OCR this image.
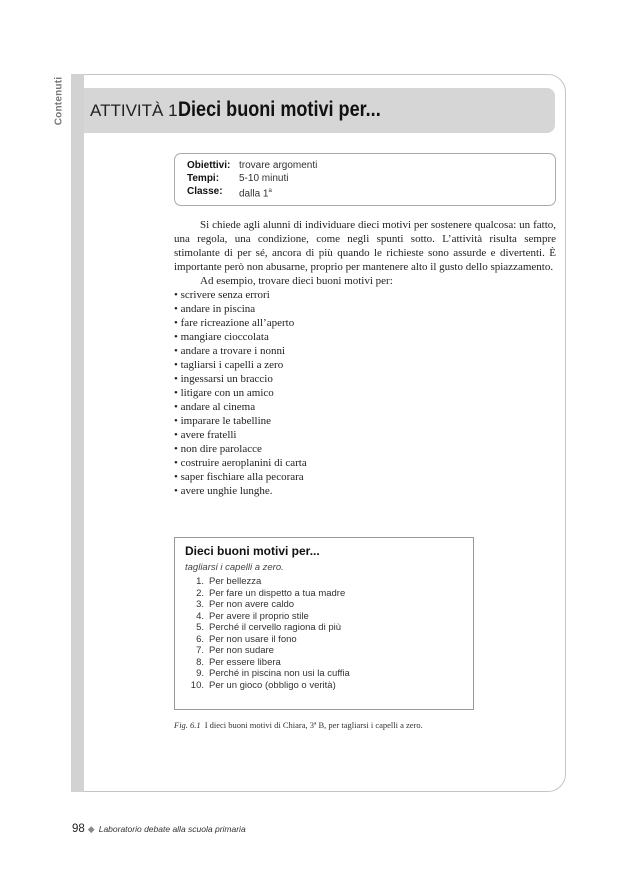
Contenuti ATTIVITÀ 1 Dieci buoni motivi per...
Obiettivi: trovare argomenti
Tempi:	5-10 minuti
Classe:	dalla 1$^a$

Si chiede agli alunni di individuare dieci motivi per sostenere qualcosa: un fatto, una regola, una condizione, come negli spunti sotto. L’attività risulta sempre stimolante di per sé, ancora di più quando le richieste sono assurde e divertenti. È importante però non abusarne, proprio per mantenere alto il gusto dello spiazzamento.

Ad esempio, trovare dieci buoni motivi per:

• scrivere senza errori
• andare in piscina
• fare ricreazione all’aperto
• mangiare cioccolata
• andare a trovare i nonni
• tagliarsi i capelli a zero
• ingessarsi un braccio
• litigare con un amico
• andare al cinema
• imparare le tabelline
• avere fratelli
• non dire parolacce
• costruire aeroplanini di carta
• saper fischiare alla pecorara
• avere unghie lunghe.
Dieci buoni motivi per...
tagliarsi i capelli a zero.
1. Per bellezza
2. Per fare un dispetto a tua madre
3. Per non avere caldo
4. Per avere il proprio stile
5. Perché il cervello ragiona di più
6. Per non usare il fono
7. Per non sudare
8. Per essere libera
9. Perché in piscina non usi la cuffia
10. Per un gioco (obbligo o verità)
Fig. 6.1 I dieci buoni motivi di Chiara, 3ª B, per tagliarsi i capelli a zero.
98 ◆ Laboratorio debate alla scuola primaria
